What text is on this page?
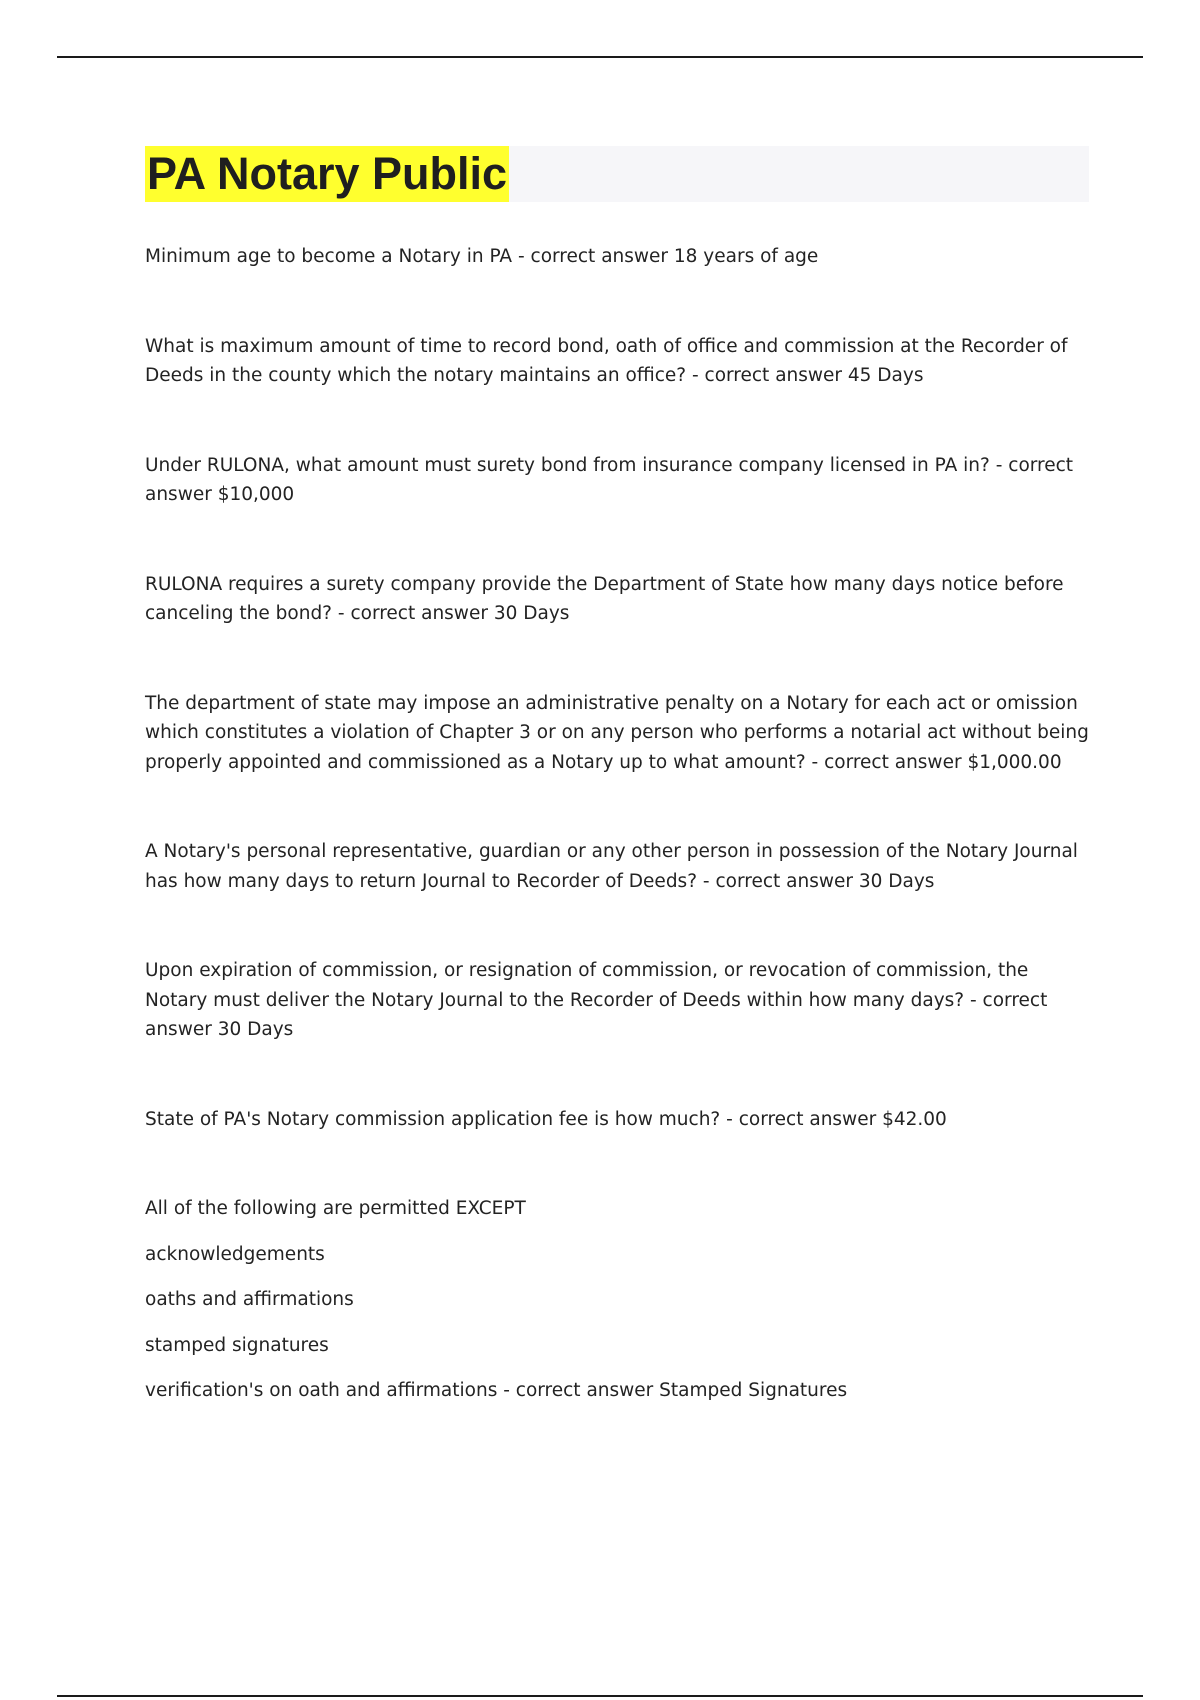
PA Notary Public

Minimum age to become a Notary in PA - correct answer 18 years of age

What is maximum amount of time to record bond, oath of office and commission at the Recorder of Deeds in the county which the notary maintains an office? - correct answer 45 Days

Under RULONA, what amount must surety bond from insurance company licensed in PA in? - correct answer $10,000

RULONA requires a surety company provide the Department of State how many days notice before canceling the bond? - correct answer 30 Days

The department of state may impose an administrative penalty on a Notary for each act or omission which constitutes a violation of Chapter 3 or on any person who performs a notarial act without being properly appointed and commissioned as a Notary up to what amount? - correct answer $1,000.00

A Notary's personal representative, guardian or any other person in possession of the Notary Journal has how many days to return Journal to Recorder of Deeds? - correct answer 30 Days

Upon expiration of commission, or resignation of commission, or revocation of commission, the Notary must deliver the Notary Journal to the Recorder of Deeds within how many days? - correct answer 30 Days

State of PA's Notary commission application fee is how much? - correct answer $42.00

All of the following are permitted EXCEPT

acknowledgements

oaths and affirmations

stamped signatures

verification's on oath and affirmations - correct answer Stamped Signatures
